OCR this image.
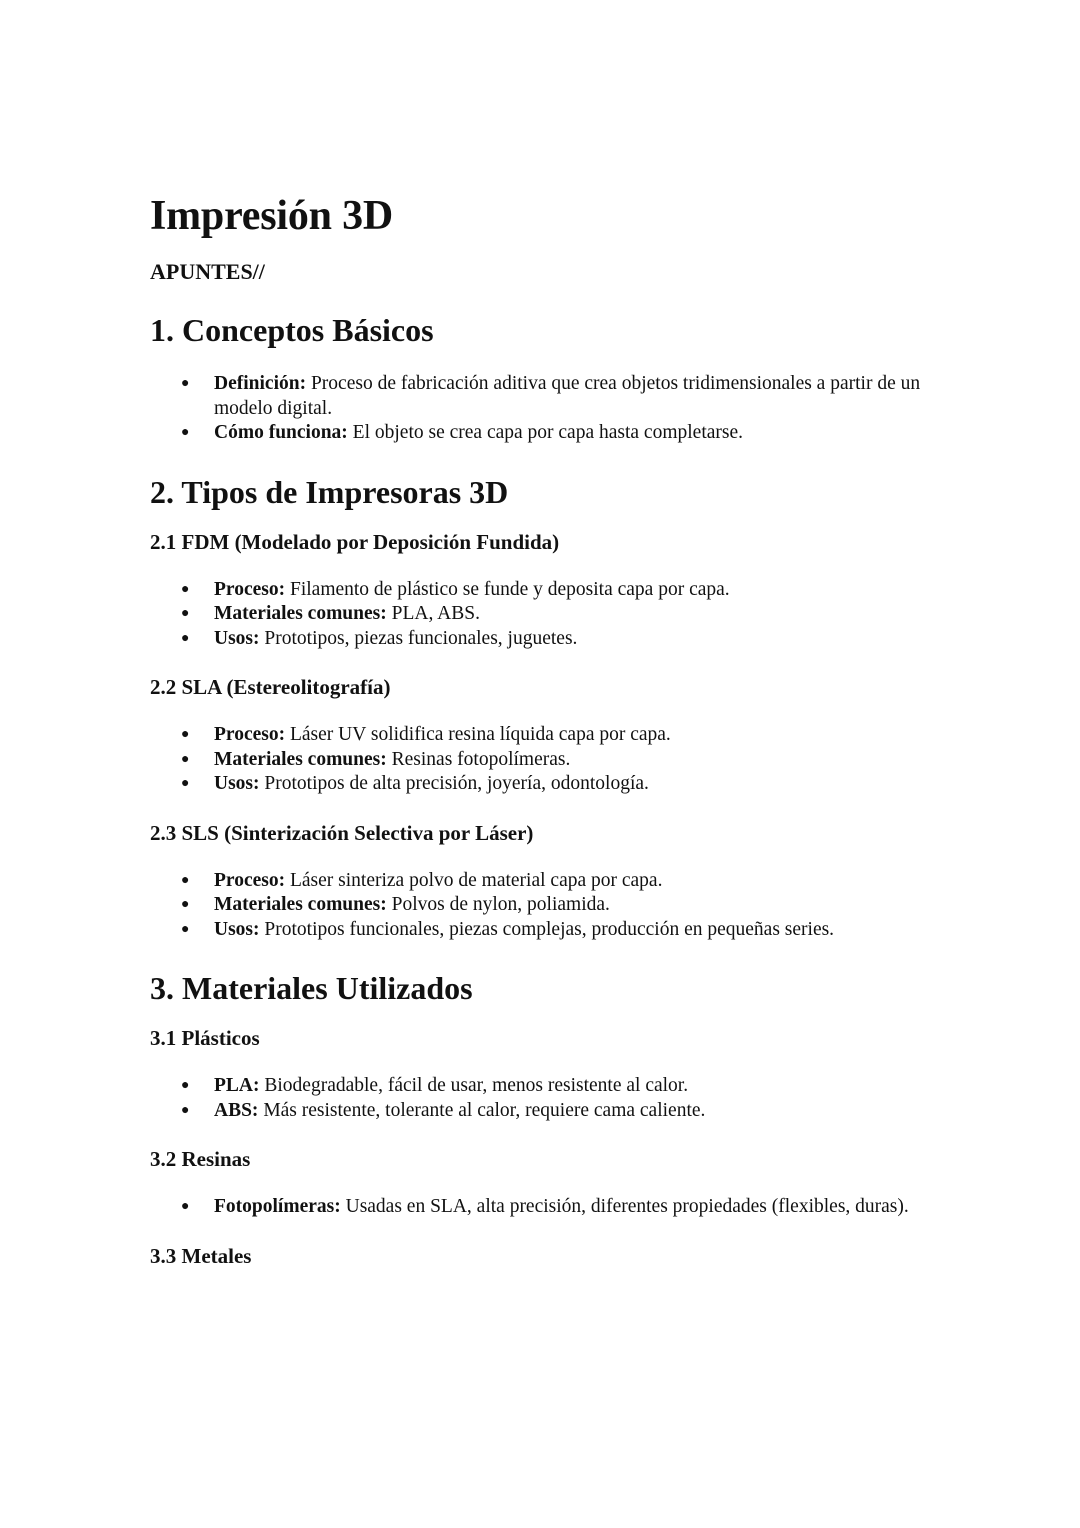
Impresión 3D
APUNTES//
1. Conceptos Básicos
● Definición: Proceso de fabricación aditiva que crea objetos tridimensionales a partir de un modelo digital.
● Cómo funciona: El objeto se crea capa por capa hasta completarse.
2. Tipos de Impresoras 3D
2.1 FDM (Modelado por Deposición Fundida)
● Proceso: Filamento de plástico se funde y deposita capa por capa.
● Materiales comunes: PLA, ABS.
● Usos: Prototipos, piezas funcionales, juguetes.
2.2 SLA (Estereolitografía)
● Proceso: Láser UV solidifica resina líquida capa por capa.
● Materiales comunes: Resinas fotopolímeras.
● Usos: Prototipos de alta precisión, joyería, odontología.
2.3 SLS (Sinterización Selectiva por Láser)
● Proceso: Láser sinteriza polvo de material capa por capa.
● Materiales comunes: Polvos de nylon, poliamida.
● Usos: Prototipos funcionales, piezas complejas, producción en pequeñas series.
3. Materiales Utilizados
3.1 Plásticos
● PLA: Biodegradable, fácil de usar, menos resistente al calor.
● ABS: Más resistente, tolerante al calor, requiere cama caliente.
3.2 Resinas
● Fotopolímeras: Usadas en SLA, alta precisión, diferentes propiedades (flexibles, duras).
3.3 Metales
